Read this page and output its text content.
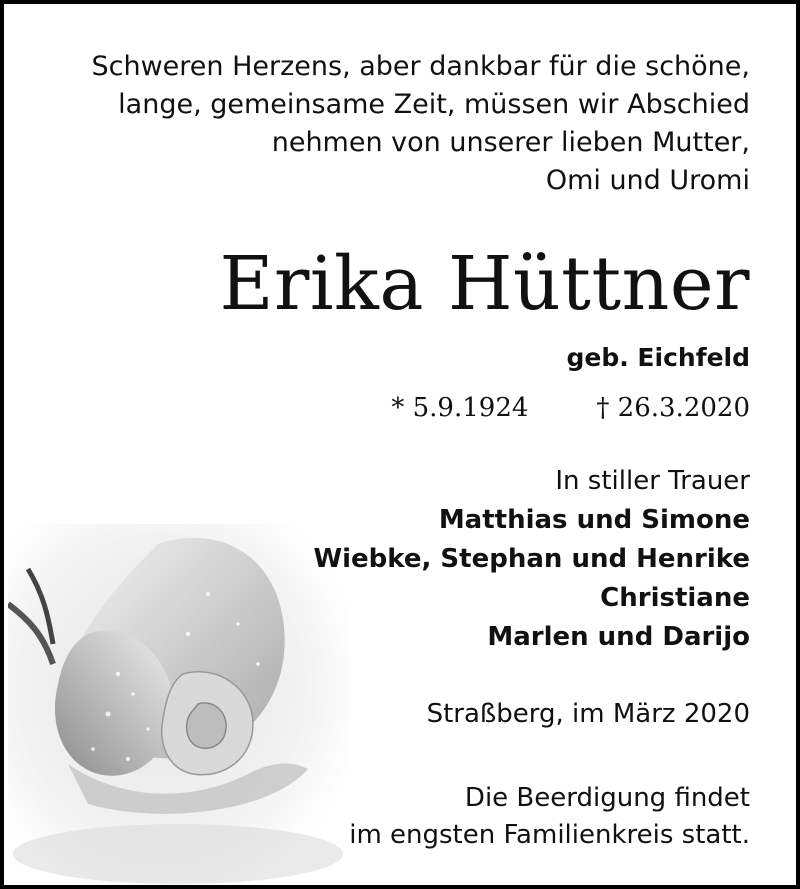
Schweren Herzens, aber dankbar für die schöne,
lange, gemeinsame Zeit, müssen wir Abschied
nehmen von unserer lieben Mutter,
Omi und Uromi
Erika Hüttner
geb. Eichfeld
* 5.9.1924	† 26.3.2020
In stiller Trauer
Matthias und Simone
Wiebke, Stephan und Henrike
Christiane
Marlen und Darijo
Straßberg, im März 2020
Die Beerdigung findet
im engsten Familienkreis statt.
